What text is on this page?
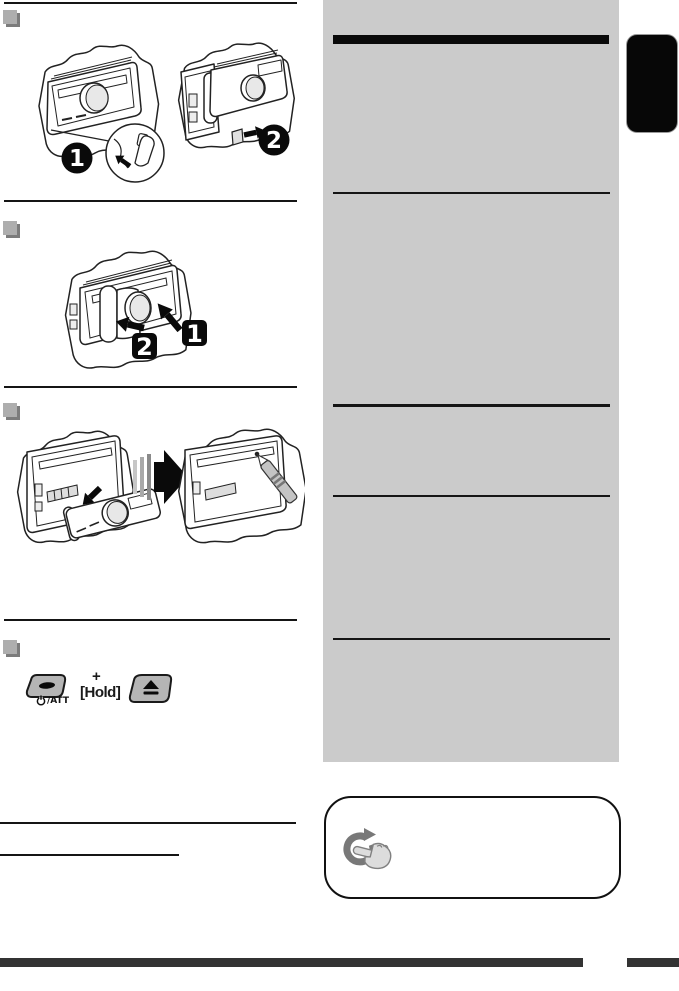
1
2
1
2
+
[Hold]
/ATT
